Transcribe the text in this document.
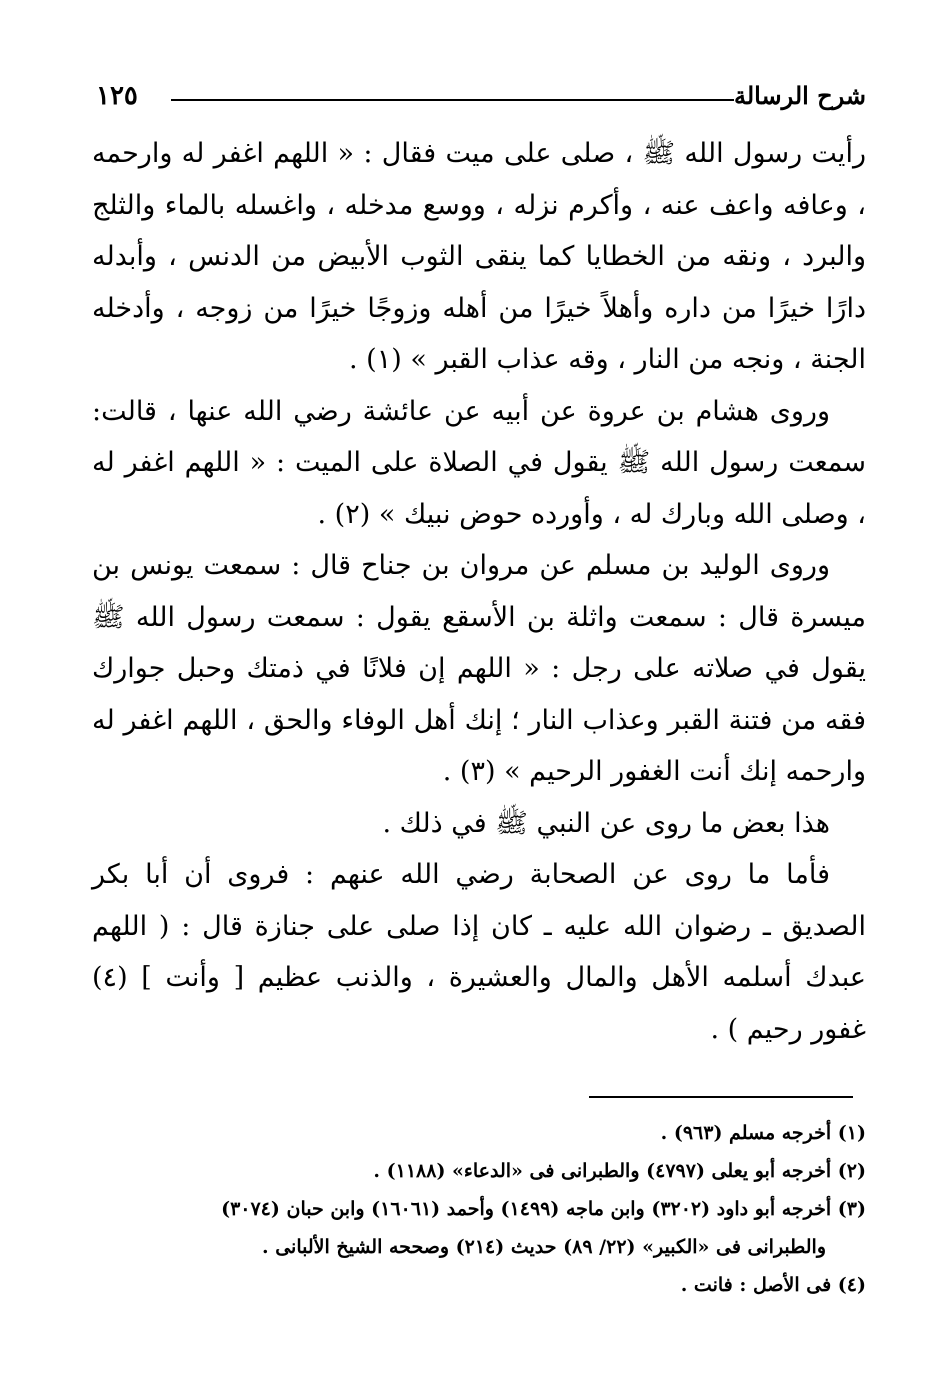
شرح الرسالة
١٢٥

رأيت رسول الله ﷺ ، صلى على ميت فقال : « اللهم اغفر له وارحمه ، وعافه واعف عنه ، وأكرم نزله ، ووسع مدخله ، واغسله بالماء والثلج والبرد ، ونقه من الخطايا كما ينقى الثوب الأبيض من الدنس ، وأبدله دارًا خيرًا من داره وأهلاً خيرًا من أهله وزوجًا خيرًا من زوجه ، وأدخله الجنة ، ونجه من النار ، وقه عذاب القبر » (١) .

وروى هشام بن عروة عن أبيه عن عائشة رضي الله عنها ، قالت: سمعت رسول الله ﷺ يقول في الصلاة على الميت : « اللهم اغفر له ، وصلى الله وبارك له ، وأورده حوض نبيك » (٢) .

وروى الوليد بن مسلم عن مروان بن جناح قال : سمعت يونس بن ميسرة قال : سمعت واثلة بن الأسقع يقول : سمعت رسول الله ﷺ يقول في صلاته على رجل : « اللهم إن فلانًا في ذمتك وحبل جوارك فقه من فتنة القبر وعذاب النار ؛ إنك أهل الوفاء والحق ، اللهم اغفر له وارحمه إنك أنت الغفور الرحيم » (٣) .

هذا بعض ما روى عن النبي ﷺ في ذلك .

فأما ما روى عن الصحابة رضي الله عنهم : فروى أن أبا بكر الصديق ـ رضوان الله عليه ـ كان إذا صلى على جنازة قال : ( اللهم عبدك أسلمه الأهل والمال والعشيرة ، والذنب عظيم [ وأنت ] (٤) غفور رحيم ) .

(١) أخرجه مسلم (٩٦٣) .
(٢) أخرجه أبو يعلى (٤٧٩٧) والطبرانى فى «الدعاء» (١١٨٨) .
(٣) أخرجه أبو داود (٣٢٠٢) وابن ماجه (١٤٩٩) وأحمد (١٦٠٦١) وابن حبان (٣٠٧٤)
والطبرانى فى «الكبير» (٢٢/ ٨٩) حديث (٢١٤) وصححه الشيخ الألبانى .
(٤) فى الأصل : فانت .
